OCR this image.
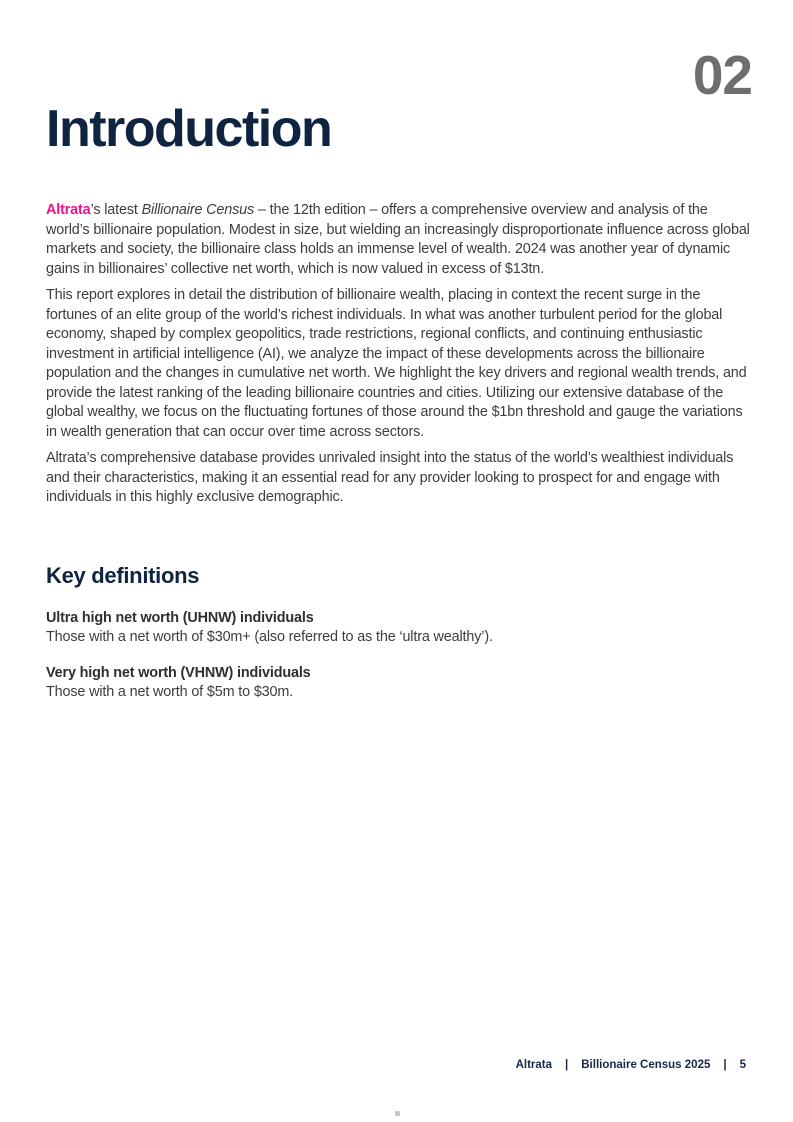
02
Introduction

Altrata’s latest Billionaire Census – the 12th edition – offers a comprehensive overview and analysis of the world’s billionaire population. Modest in size, but wielding an increasingly disproportionate influence across global markets and society, the billionaire class holds an immense level of wealth. 2024 was another year of dynamic gains in billionaires’ collective net worth, which is now valued in excess of $13tn.

This report explores in detail the distribution of billionaire wealth, placing in context the recent surge in the fortunes of an elite group of the world’s richest individuals. In what was another turbulent period for the global economy, shaped by complex geopolitics, trade restrictions, regional conflicts, and continuing enthusiastic investment in artificial intelligence (AI), we analyze the impact of these developments across the billionaire population and the changes in cumulative net worth. We highlight the key drivers and regional wealth trends, and provide the latest ranking of the leading billionaire countries and cities. Utilizing our extensive database of the global wealthy, we focus on the fluctuating fortunes of those around the $1bn threshold and gauge the variations in wealth generation that can occur over time across sectors.

Altrata’s comprehensive database provides unrivaled insight into the status of the world’s wealthiest individuals and their characteristics, making it an essential read for any provider looking to prospect for and engage with individuals in this highly exclusive demographic.

Key definitions
Ultra high net worth (UHNW) individuals
Those with a net worth of $30m+ (also referred to as the ‘ultra wealthy’).
Very high net worth (VHNW) individuals
Those with a net worth of $5m to $30m.
Altrata | Billionaire Census 2025 | 5
